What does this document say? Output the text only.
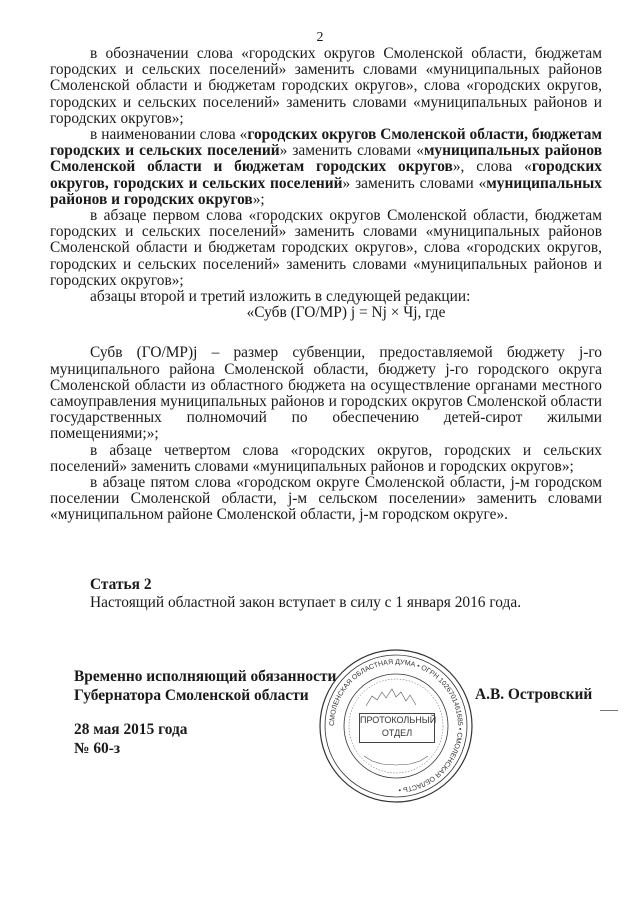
2

в обозначении слова «городских округов Смоленской области, бюджетам городских и сельских поселений» заменить словами «муниципальных районов Смоленской области и бюджетам городских округов», слова «городских округов, городских и сельских поселений» заменить словами «муниципальных районов и городских округов»;

в наименовании слова «городских округов Смоленской области, бюджетам городских и сельских поселений» заменить словами «муниципальных районов Смоленской области и бюджетам городских округов», слова «городских округов, городских и сельских поселений» заменить словами «муниципальных районов и городских округов»;

в абзаце первом слова «городских округов Смоленской области, бюджетам городских и сельских поселений» заменить словами «муниципальных районов Смоленской области и бюджетам городских округов», слова «городских округов, городских и сельских поселений» заменить словами «муниципальных районов и городских округов»;

абзацы второй и третий изложить в следующей редакции:

«Субв (ГО/МР) j = Nj × Чj, где

Субв (ГО/МР)j – размер субвенции, предоставляемой бюджету j-го муниципального района Смоленской области, бюджету j-го городского округа Смоленской области из областного бюджета на осуществление органами местного самоуправления муниципальных районов и городских округов Смоленской области государственных полномочий по обеспечению детей-сирот жилыми помещениями;»;

в абзаце четвертом слова «городских округов, городских и сельских поселений» заменить словами «муниципальных районов и городских округов»;

в абзаце пятом слова «городском округе Смоленской области, j-м городском поселении Смоленской области, j-м сельском поселении» заменить словами «муниципальном районе Смоленской области, j-м городском округе».

Статья 2
Настоящий областной закон вступает в силу с 1 января 2016 года.
Временно исполняющий обязанности
Губернатора Смоленской области	А.В. Островский
28 мая 2015 года
№ 60-з
СМОЛЕНСКАЯ ОБЛАСТНАЯ ДУМА • ОГРН 1026701461685 • СМОЛЕНСКАЯ ОБЛАСТЬ •
ПРОТОКОЛЬНЫЙ
ОТДЕЛ
